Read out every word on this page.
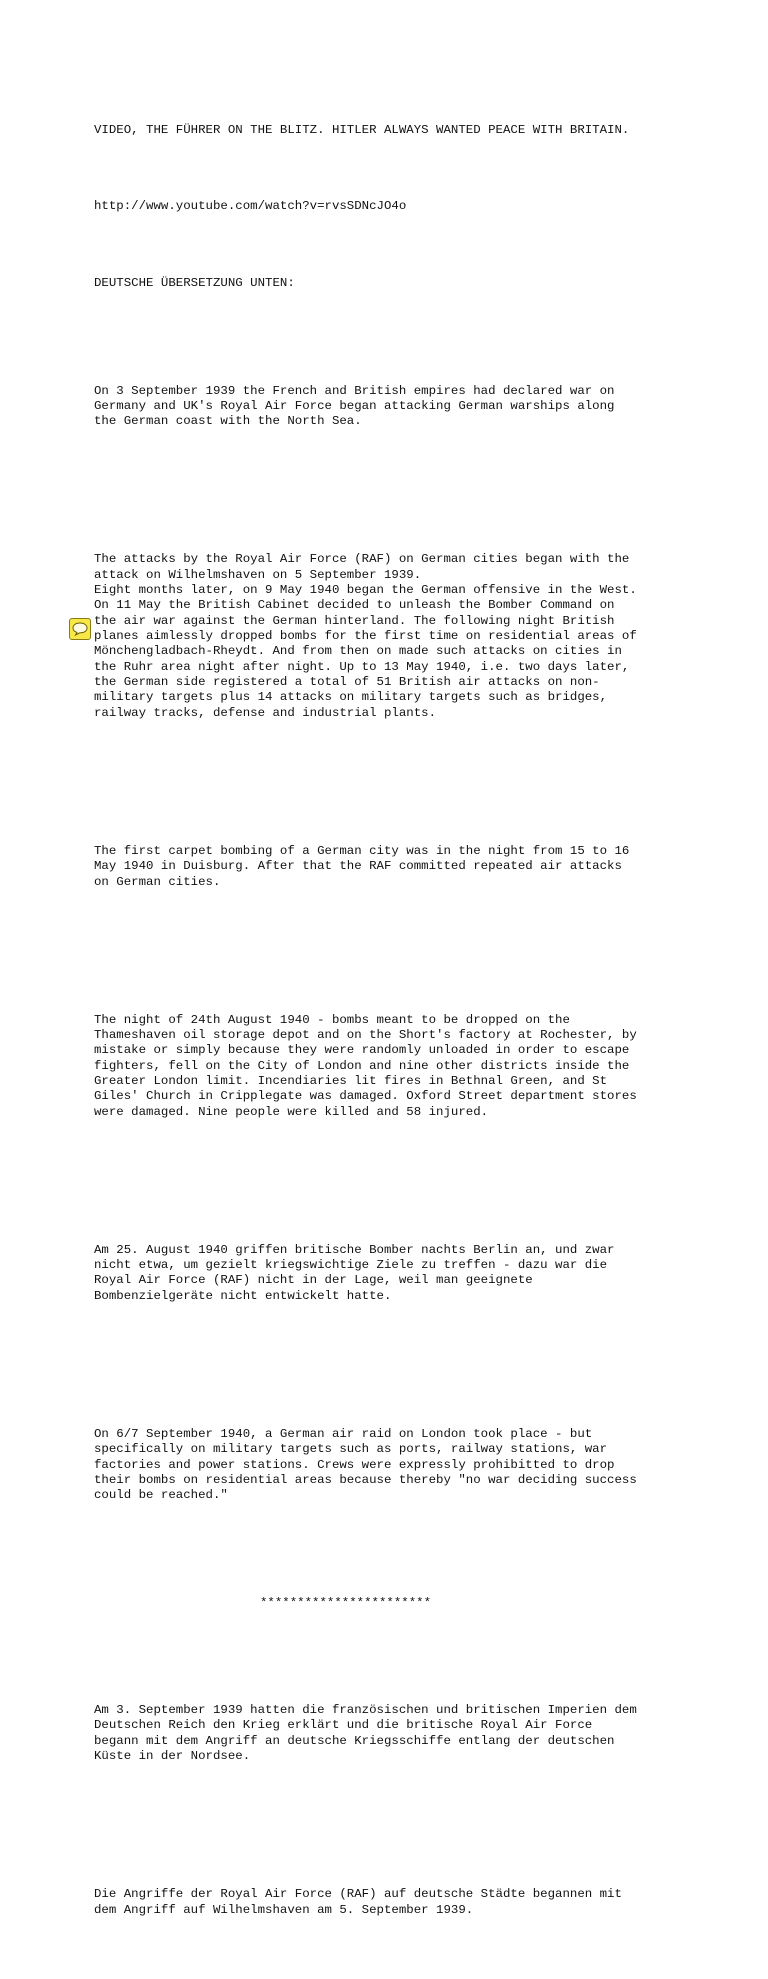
VIDEO, THE FÜHRER ON THE BLITZ. HITLER ALWAYS WANTED PEACE WITH BRITAIN.

http://www.youtube.com/watch?v=rvsSDNcJO4o

DEUTSCHE ÜBERSETZUNG UNTEN:

On 3 September 1939 the French and British empires had declared war on
Germany and UK's Royal Air Force began attacking German warships along
the German coast with the North Sea.

The attacks by the Royal Air Force (RAF) on German cities began with the
attack on Wilhelmshaven on 5 September 1939.
Eight months later, on 9 May 1940 began the German offensive in the West.
On 11 May the British Cabinet decided to unleash the Bomber Command on
the air war against the German hinterland. The following night British
planes aimlessly dropped bombs for the first time on residential areas of
Mönchengladbach-Rheydt. And from then on made such attacks on cities in
the Ruhr area night after night. Up to 13 May 1940, i.e. two days later,
the German side registered a total of 51 British air attacks on non-
military targets plus 14 attacks on military targets such as bridges,
railway tracks, defense and industrial plants.

The first carpet bombing of a German city was in the night from 15 to 16
May 1940 in Duisburg. After that the RAF committed repeated air attacks
on German cities.

The night of 24th August 1940 - bombs meant to be dropped on the
Thameshaven oil storage depot and on the Short's factory at Rochester, by
mistake or simply because they were randomly unloaded in order to escape
fighters, fell on the City of London and nine other districts inside the
Greater London limit. Incendiaries lit fires in Bethnal Green, and St
Giles' Church in Cripplegate was damaged. Oxford Street department stores
were damaged. Nine people were killed and 58 injured.

Am 25. August 1940 griffen britische Bomber nachts Berlin an, und zwar
nicht etwa, um gezielt kriegswichtige Ziele zu treffen - dazu war die
Royal Air Force (RAF) nicht in der Lage, weil man geeignete
Bombenzielgeräte nicht entwickelt hatte.

On 6/7 September 1940, a German air raid on London took place - but
specifically on military targets such as ports, railway stations, war
factories and power stations. Crews were expressly prohibitted to drop
their bombs on residential areas because thereby "no war deciding success
could be reached."

***********************

Am 3. September 1939 hatten die französischen und britischen Imperien dem
Deutschen Reich den Krieg erklärt und die britische Royal Air Force
begann mit dem Angriff an deutsche Kriegsschiffe entlang der deutschen
Küste in der Nordsee.

Die Angriffe der Royal Air Force (RAF) auf deutsche Städte begannen mit
dem Angriff auf Wilhelmshaven am 5. September 1939.
